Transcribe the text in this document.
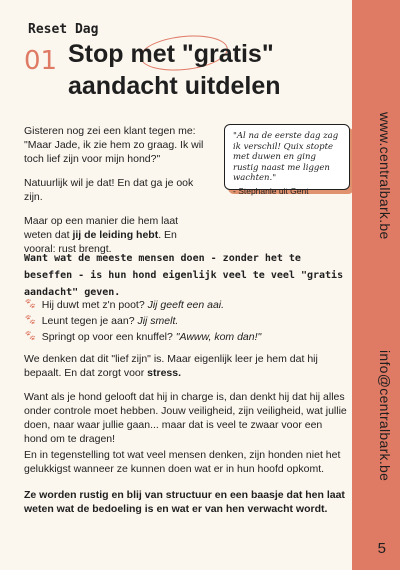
Reset Dag
01 Stop met "gratis"
aandacht uitdelen

Gisteren nog zei een klant tegen me: "Maar Jade, ik zie hem zo graag. Ik wil toch lief zijn voor mijn hond?"

Natuurlijk wil je dat! En dat ga je ook zijn.

Maar op een manier die hem laat weten dat jij de leiding hebt. En vooral: rust brengt.

"Al na de eerste dag zag ik verschil! Quix stopte met duwen en ging rustig naast me liggen wachten."
- Stephanie uit Gent
Want wat de meeste mensen doen - zonder het te beseffen - is hun hond eigenlijk veel te veel "gratis aandacht" geven.
🐾︎ Hij duwt met z'n poot? Jij geeft een aai.
🐾︎ Leunt tegen je aan? Jij smelt.
🐾︎ Springt op voor een knuffel? "Awww, kom dan!"

We denken dat dit "lief zijn" is. Maar eigenlijk leer je hem dat hij bepaalt. En dat zorgt voor stress.

Want als je hond gelooft dat hij in charge is, dan denkt hij dat hij alles onder controle moet hebben. Jouw veiligheid, zijn veiligheid, wat jullie doen, naar waar jullie gaan... maar dat is veel te zwaar voor een hond om te dragen!

En in tegenstelling tot wat veel mensen denken, zijn honden niet het gelukkigst wanneer ze kunnen doen wat er in hun hoofd opkomt.

Ze worden rustig en blij van structuur en een baasje dat hen laat weten wat de bedoeling is en wat er van hen verwacht wordt.

www.centralbark.be
info@centralbark.be
5
